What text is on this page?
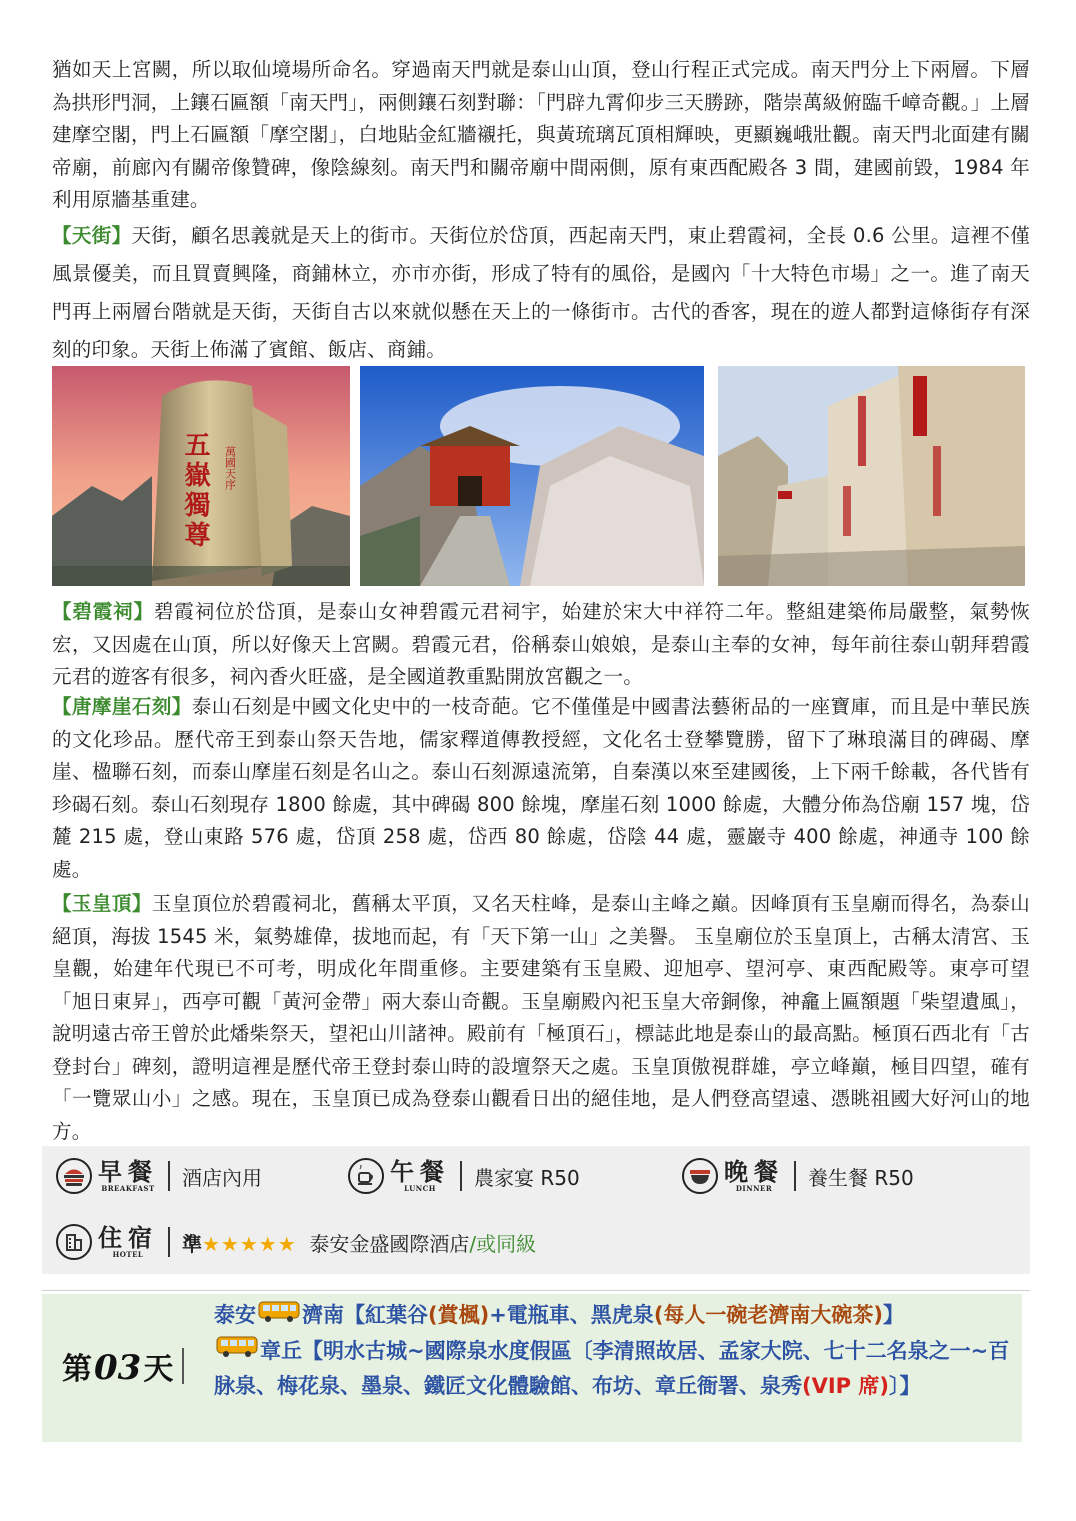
猶如天上宮闕，所以取仙境場所命名。穿過南天門就是泰山山頂，登山行程正式完成。南天門分上下兩層。下層為拱形門洞，上鑲石匾額「南天門」，兩側鑲石刻對聯：「門辟九霄仰步三天勝跡，階崇萬級俯臨千嶂奇觀。」上層建摩空閣，門上石匾額「摩空閣」，白地貼金紅牆襯托，與黃琉璃瓦頂相輝映，更顯巍峨壯觀。南天門北面建有關帝廟，前廊內有關帝像贊碑，像陰線刻。南天門和關帝廟中間兩側，原有東西配殿各 3 間，建國前毀，1984 年利用原牆基重建。

【天街】天街，顧名思義就是天上的街市。天街位於岱頂，西起南天門，東止碧霞祠，全長 0.6 公里。這裡不僅風景優美，而且買賣興隆，商鋪林立，亦市亦街，形成了特有的風俗，是國內「十大特色市場」之一。進了南天門再上兩層台階就是天街，天街自古以來就似懸在天上的一條街市。古代的香客，現在的遊人都對這條街存有深刻的印象。天街上佈滿了賓館、飯店、商鋪。

五嶽獨尊 萬國天序

【碧霞祠】碧霞祠位於岱頂，是泰山女神碧霞元君祠宇，始建於宋大中祥符二年。整組建築佈局嚴整，氣勢恢宏，又因處在山頂，所以好像天上宮闕。碧霞元君，俗稱泰山娘娘，是泰山主奉的女神，每年前往泰山朝拜碧霞元君的遊客有很多，祠內香火旺盛，是全國道教重點開放宮觀之一。

【唐摩崖石刻】泰山石刻是中國文化史中的一枝奇葩。它不僅僅是中國書法藝術品的一座寶庫，而且是中華民族的文化珍品。歷代帝王到泰山祭天告地，儒家釋道傳教授經，文化名士登攀覽勝，留下了琳琅滿目的碑碣、摩崖、楹聯石刻，而泰山摩崖石刻是名山之。泰山石刻源遠流第，自秦漢以來至建國後，上下兩千餘載，各代皆有珍碣石刻。泰山石刻現存 1800 餘處，其中碑碣 800 餘塊，摩崖石刻 1000 餘處，大體分佈為岱廟 157 塊，岱麓 215 處，登山東路 576 處，岱頂 258 處，岱西 80 餘處，岱陰 44 處，靈巖寺 400 餘處，神通寺 100 餘處。

【玉皇頂】玉皇頂位於碧霞祠北，舊稱太平頂，又名天柱峰，是泰山主峰之巔。因峰頂有玉皇廟而得名，為泰山絕頂，海拔 1545 米，氣勢雄偉，拔地而起，有「天下第一山」之美譽。 玉皇廟位於玉皇頂上，古稱太清宮、玉皇觀，始建年代現已不可考，明成化年間重修。主要建築有玉皇殿、迎旭亭、望河亭、東西配殿等。東亭可望「旭日東昇」，西亭可觀「黃河金帶」兩大泰山奇觀。玉皇廟殿內祀玉皇大帝銅像，神龕上匾額題「柴望遺風」，說明遠古帝王曾於此燔柴祭天，望祀山川諸神。殿前有「極頂石」，標誌此地是泰山的最高點。極頂石西北有「古登封台」碑刻，證明這裡是歷代帝王登封泰山時的設壇祭天之處。玉皇頂傲視群雄，亭立峰巔，極目四望，確有「一覽眾山小」之感。現在，玉皇頂已成為登泰山觀看日出的絕佳地，是人們登高望遠、憑眺祖國大好河山的地方。

早餐
BREAKFAST 酒店內用	午餐
LUNCH 農家宴 R50	晚餐
DINNER 養生餐 R50
住宿
HOTEL 準★★★★★ 泰安金盛國際酒店/或同級
第 03 天
泰安 濟南【紅葉谷(賞楓)+電瓶車、黑虎泉(每人一碗老濟南大碗茶)】
章丘【明水古城~國際泉水度假區〔李清照故居、孟家大院、七十二名泉之一~百脉泉、梅花泉、墨泉、鐵匠文化體驗館、布坊、章丘衙署、泉秀(VIP 席)〕】
